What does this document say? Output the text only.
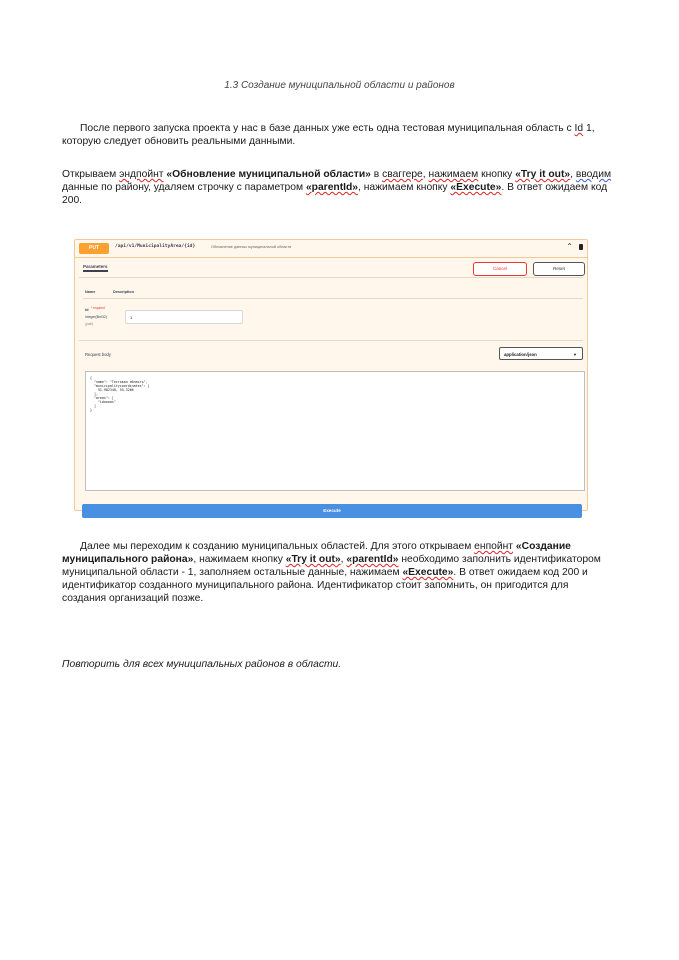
1.3 Создание муниципальной области и районов

После первого запуска проекта у нас в базе данных уже есть одна тестовая муниципальная область с Id 1, которую следует обновить реальными данными.

Открываем эндпойнт «Обновление муниципальной области» в сваггере, нажимаем кнопку «Try it out», вводим данные по району, удаляем строчку с параметром «parentId», нажимаем кнопку «Execute». В ответ ожидаем код 200.

PUT	/api/v1/MunicipalityArea/{id}	Обновление данных муниципальной области	⌃
Parameters	Cancel	Reset
Name	Description
id * required
integer($int32)
(path)
1
Request body	application/json	▼
{
"name": "Тестовая область",
"municipalitycoordinates": [
51.982348, 55.3266
],
"areas": [
"Ldoooas"
]
}
Execute

Далее мы переходим к созданию муниципальных областей. Для этого открываем енпойнт «Создание муниципального района», нажимаем кнопку «Try it out», «parentId» необходимо заполнить идентификатором муниципальной области - 1, заполняем остальные данные, нажимаем «Execute». В ответ ожидаем код 200 и идентификатор созданного муниципального района. Идентификатор стоит запомнить, он пригодится для создания организаций позже.

Повторить для всех муниципальных районов в области.
